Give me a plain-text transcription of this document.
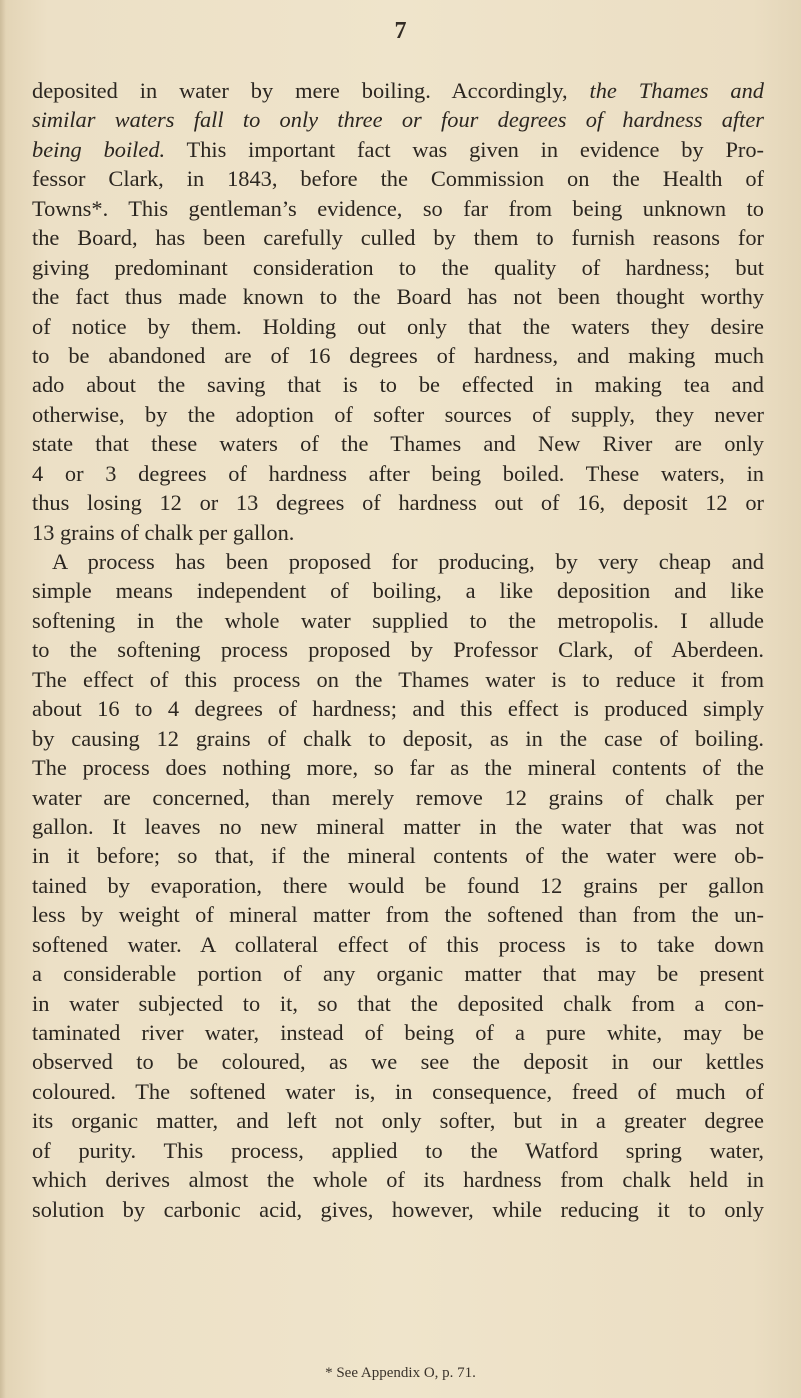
7
deposited in water by mere boiling. Accordingly, the Thames and
similar waters fall to only three or four degrees of hardness after
being boiled. This important fact was given in evidence by Pro-
fessor Clark, in 1843, before the Commission on the Health of
Towns*. This gentleman’s evidence, so far from being unknown to
the Board, has been carefully culled by them to furnish reasons for
giving predominant consideration to the quality of hardness; but
the fact thus made known to the Board has not been thought worthy
of notice by them. Holding out only that the waters they desire
to be abandoned are of 16 degrees of hardness, and making much
ado about the saving that is to be effected in making tea and
otherwise, by the adoption of softer sources of supply, they never
state that these waters of the Thames and New River are only
4 or 3 degrees of hardness after being boiled. These waters, in
thus losing 12 or 13 degrees of hardness out of 16, deposit 12 or
13 grains of chalk per gallon.
A process has been proposed for producing, by very cheap and
simple means independent of boiling, a like deposition and like
softening in the whole water supplied to the metropolis. I allude
to the softening process proposed by Professor Clark, of Aberdeen.
The effect of this process on the Thames water is to reduce it from
about 16 to 4 degrees of hardness; and this effect is produced simply
by causing 12 grains of chalk to deposit, as in the case of boiling.
The process does nothing more, so far as the mineral contents of the
water are concerned, than merely remove 12 grains of chalk per
gallon. It leaves no new mineral matter in the water that was not
in it before; so that, if the mineral contents of the water were ob-
tained by evaporation, there would be found 12 grains per gallon
less by weight of mineral matter from the softened than from the un-
softened water. A collateral effect of this process is to take down
a considerable portion of any organic matter that may be present
in water subjected to it, so that the deposited chalk from a con-
taminated river water, instead of being of a pure white, may be
observed to be coloured, as we see the deposit in our kettles
coloured. The softened water is, in consequence, freed of much of
its organic matter, and left not only softer, but in a greater degree
of purity. This process, applied to the Watford spring water,
which derives almost the whole of its hardness from chalk held in
solution by carbonic acid, gives, however, while reducing it to only
* See Appendix O, p. 71.
